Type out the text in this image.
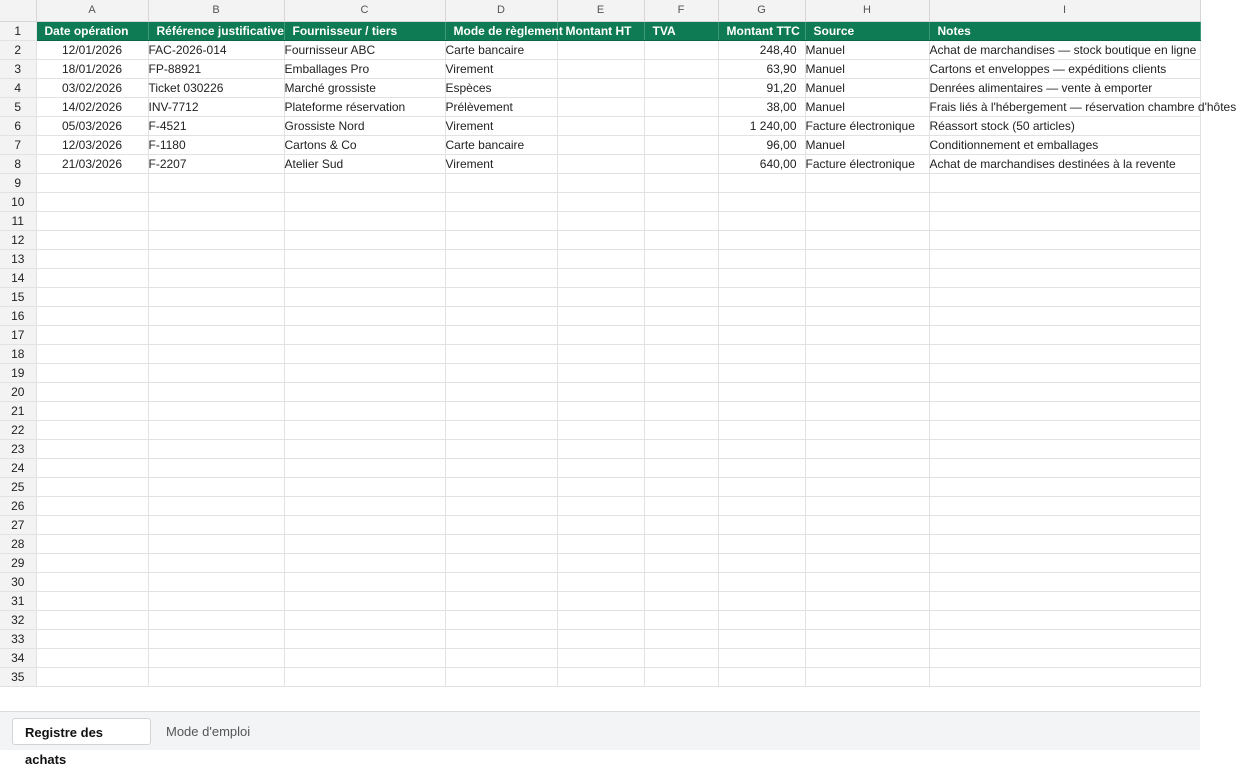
	A	B	C	D	E	F	G	H	I
1	Date opération	Référence justificative	Fournisseur / tiers	Mode de règlement	Montant HT	TVA	Montant TTC	Source	Notes
2	12/01/2026	FAC-2026-014	Fournisseur ABC	Carte bancaire			248,40	Manuel	Achat de marchandises — stock boutique en ligne
3	18/01/2026	FP-88921	Emballages Pro	Virement			63,90	Manuel	Cartons et enveloppes — expéditions clients
4	03/02/2026	Ticket 030226	Marché grossiste	Espèces			91,20	Manuel	Denrées alimentaires — vente à emporter
5	14/02/2026	INV-7712	Plateforme réservation	Prélèvement			38,00	Manuel	Frais liés à l'hébergement — réservation chambre d'hôtes
6	05/03/2026	F-4521	Grossiste Nord	Virement			1 240,00	Facture électronique	Réassort stock (50 articles)
7	12/03/2026	F-1180	Cartons & Co	Carte bancaire			96,00	Manuel	Conditionnement et emballages
8	21/03/2026	F-2207	Atelier Sud	Virement			640,00	Facture électronique	Achat de marchandises destinées à la revente
9									
10									
11									
12									
13									
14									
15									
16									
17									
18									
19									
20									
21									
22									
23									
24									
25									
26									
27									
28									
29									
30									
31									
32									
33									
34									
35									
Registre des achats
Mode d'emploi
